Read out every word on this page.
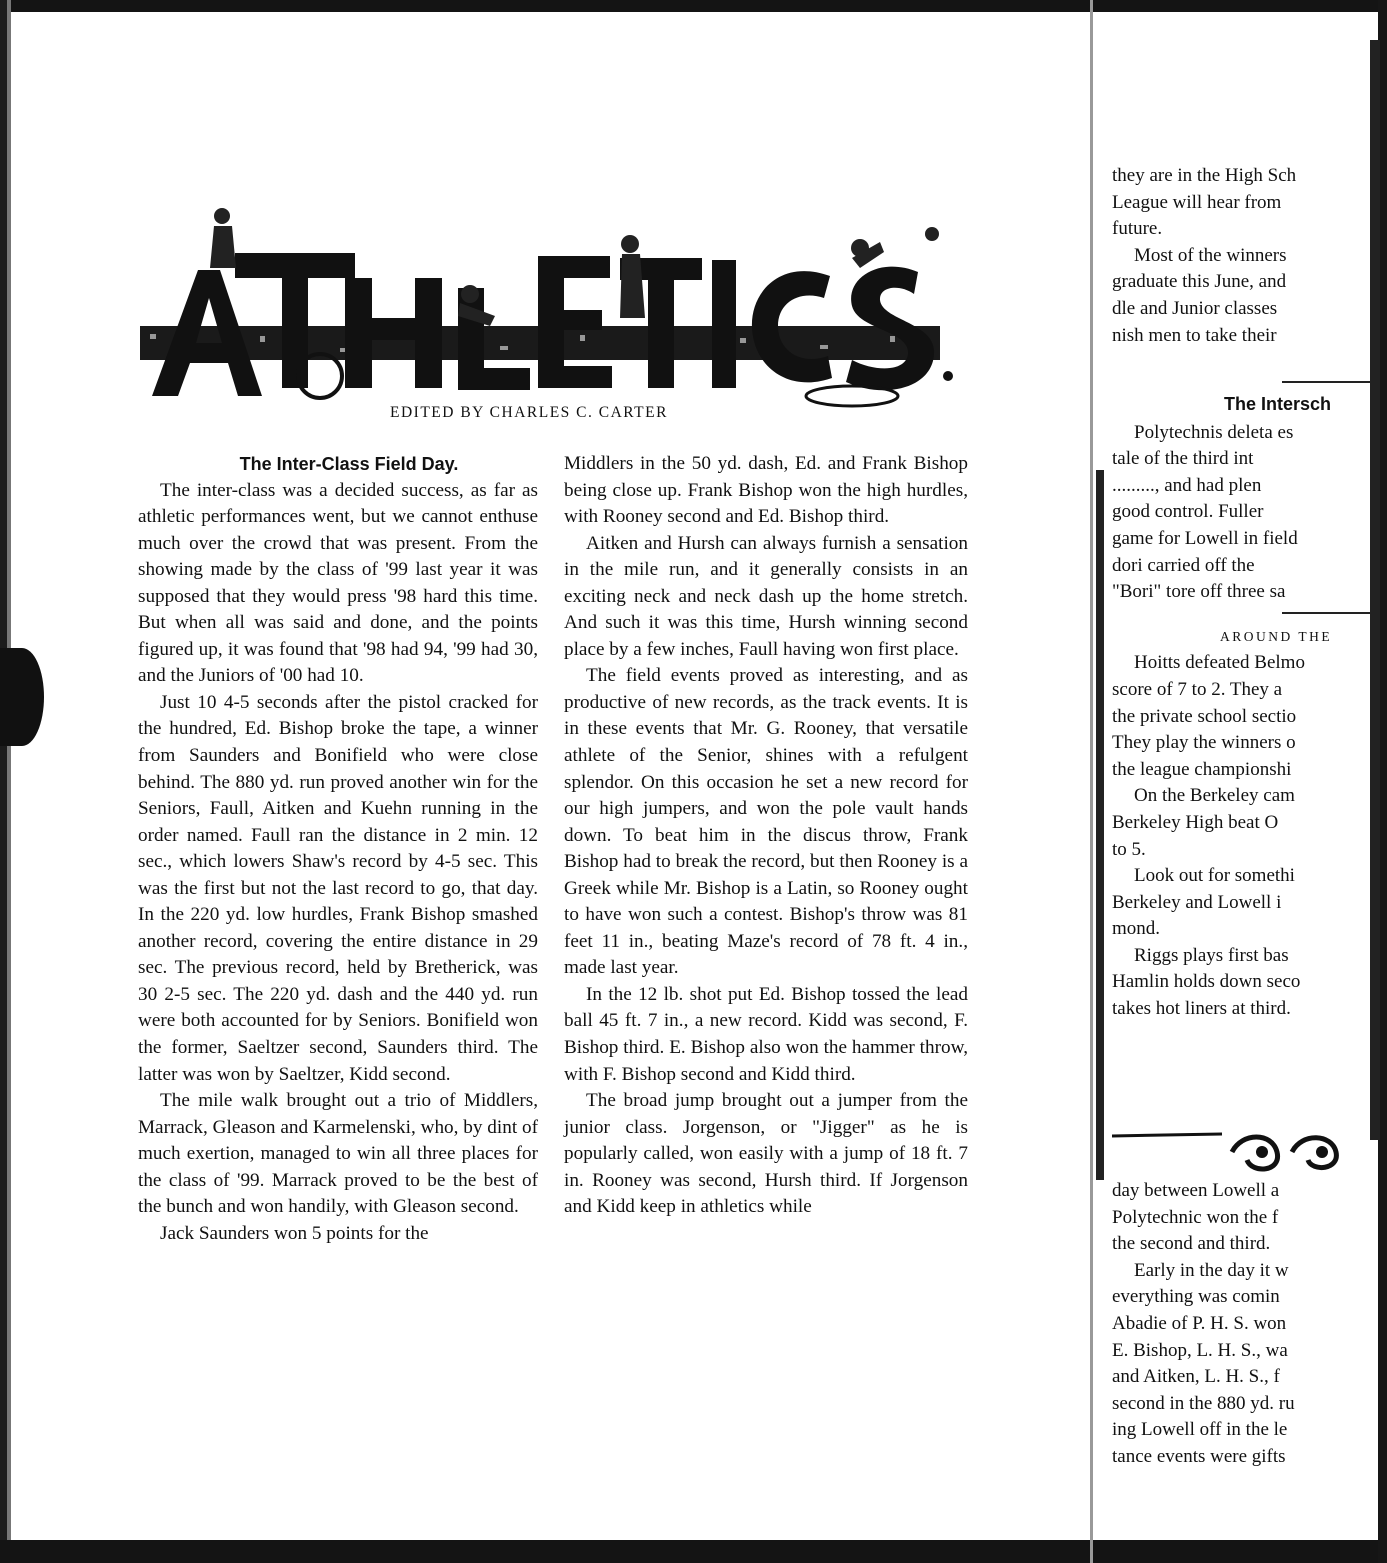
EDITED BY CHARLES C. CARTER

The Inter-Class Field Day.

The inter-class was a decided success, as far as athletic performances went, but we cannot enthuse much over the crowd that was present. From the showing made by the class of '99 last year it was supposed that they would press '98 hard this time. But when all was said and done, and the points figured up, it was found that '98 had 94, '99 had 30, and the Juniors of '00 had 10.

Just 10 4-5 seconds after the pistol cracked for the hundred, Ed. Bishop broke the tape, a winner from Saunders and Bonifield who were close behind. The 880 yd. run proved another win for the Seniors, Faull, Aitken and Kuehn running in the order named. Faull ran the distance in 2 min. 12 sec., which lowers Shaw's record by 4-5 sec. This was the first but not the last record to go, that day. In the 220 yd. low hurdles, Frank Bishop smashed another record, covering the entire distance in 29 sec. The previous record, held by Bretherick, was 30 2-5 sec. The 220 yd. dash and the 440 yd. run were both accounted for by Seniors. Bonifield won the former, Saeltzer second, Saunders third. The latter was won by Saeltzer, Kidd second.

The mile walk brought out a trio of Middlers, Marrack, Gleason and Karmelenski, who, by dint of much exertion, managed to win all three places for the class of '99. Marrack proved to be the best of the bunch and won handily, with Gleason second.

Jack Saunders won 5 points for the

Middlers in the 50 yd. dash, Ed. and Frank Bishop being close up. Frank Bishop won the high hurdles, with Rooney second and Ed. Bishop third.

Aitken and Hursh can always furnish a sensation in the mile run, and it generally consists in an exciting neck and neck dash up the home stretch. And such it was this time, Hursh winning second place by a few inches, Faull having won first place.

The field events proved as interesting, and as productive of new records, as the track events. It is in these events that Mr. G. Rooney, that versatile athlete of the Senior, shines with a refulgent splendor. On this occasion he set a new record for our high jumpers, and won the pole vault hands down. To beat him in the discus throw, Frank Bishop had to break the record, but then Rooney is a Greek while Mr. Bishop is a Latin, so Rooney ought to have won such a contest. Bishop's throw was 81 feet 11 in., beating Maze's record of 78 ft. 4 in., made last year.

In the 12 lb. shot put Ed. Bishop tossed the lead ball 45 ft. 7 in., a new record. Kidd was second, F. Bishop third. E. Bishop also won the hammer throw, with F. Bishop second and Kidd third.

The broad jump brought out a jumper from the junior class. Jorgenson, or "Jigger" as he is popularly called, won easily with a jump of 18 ft. 7 in. Rooney was second, Hursh third. If Jorgenson and Kidd keep in athletics while

they are in the High Sch

League will hear from

future.

Most of the winners

graduate this June, and

dle and Junior classes

nish men to take their

The Intersch

Polytechnis deleta es

tale of the third int

........., and had plen

good control. Fuller

game for Lowell in field

dori carried off the

"Bori" tore off three sa

AROUND THE

Hoitts defeated Belmo

score of 7 to 2. They a

the private school sectio

They play the winners o

the league championshi

On the Berkeley cam

Berkeley High beat O

to 5.

Look out for somethi

Berkeley and Lowell i

mond.

Riggs plays first bas

Hamlin holds down seco

takes hot liners at third.

day between Lowell a

Polytechnic won the f

the second and third.

Early in the day it w

everything was comin

Abadie of P. H. S. won

E. Bishop, L. H. S., wa

and Aitken, L. H. S., f

second in the 880 yd. ru

ing Lowell off in the le

tance events were gifts
